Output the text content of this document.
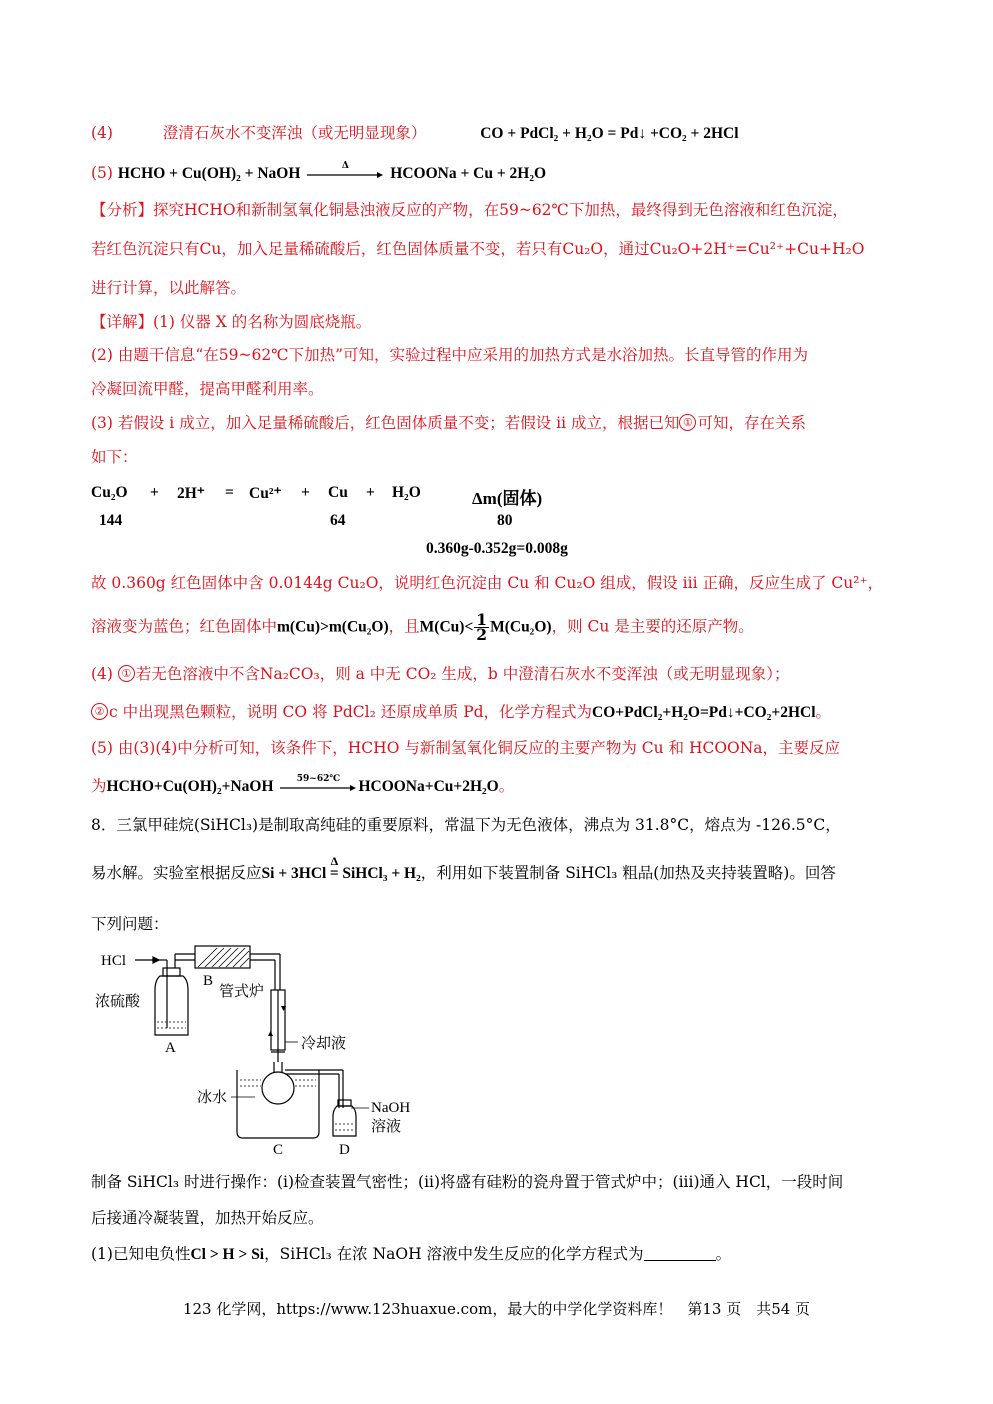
(4)	澄清石灰水不变浑浊（或无明显现象）	CO + PdCl₂ + H₂O = Pd↓ +CO₂ + 2HCl
(5) HCHO + Cu(OH)₂ + NaOH	Δ	HCOONa + Cu + 2H₂O
【分析】探究HCHO和新制氢氧化铜悬浊液反应的产物，在59~62℃下加热，最终得到无色溶液和红色沉淀，
若红色沉淀只有Cu，加入足量稀硫酸后，红色固体质量不变，若只有Cu₂O，通过Cu₂O+2H⁺=Cu²⁺+Cu+H₂O
进行计算，以此解答。
【详解】(1) 仪器 X 的名称为圆底烧瓶。
(2) 由题干信息“在59~62℃下加热”可知，实验过程中应采用的加热方式是水浴加热。长直导管的作用为
冷凝回流甲醛，提高甲醛利用率。
(3) 若假设 i 成立，加入足量稀硫酸后，红色固体质量不变；若假设 ii 成立，根据已知 ① 可知，存在关系
如下：
Cu₂O + 2H⁺ = Cu²⁺ + Cu + H₂O	Δm(固体)
144	64	80
0.360g-0.352g=0.008g
故 0.360g 红色固体中含 0.0144g Cu₂O，说明红色沉淀由 Cu 和 Cu₂O 组成，假设 iii 正确，反应生成了 Cu²⁺，
溶液变为蓝色；红色固体中m(Cu)>m(Cu₂O)，且$M(Cu)< \frac{1}{2} M(Cu_2O)$，则 Cu 是主要的还原产物。
(4) ① 若无色溶液中不含Na₂CO₃，则 a 中无 CO₂ 生成，b 中澄清石灰水不变浑浊（或无明显现象）；
② c 中出现黑色颗粒，说明 CO 将 PdCl₂ 还原成单质 Pd，化学方程式为CO+PdCl₂+H₂O=Pd↓+CO₂+2HCl。
(5) 由(3)(4)中分析可知，该条件下，HCHO 与新制氢氧化铜反应的主要产物为 Cu 和 HCOONa，主要反应
为HCHO+Cu(OH)₂+NaOH	59~62℃	HCOONa+Cu+2H₂O。
8．三氯甲硅烷(SiHCl₃)是制取高纯硅的重要原料，常温下为无色液体，沸点为 31.8°C，熔点为 -126.5°C，
易水解。实验室根据反应Si + 3HCl
Δ
= SiHCl₃ + H₂，利用如下装置制备 SiHCl₃ 粗品(加热及夹持装置略)。回答
下列问题：
HCl
B
管式炉
浓硫酸
A	冷却液
冰水
NaOH
溶液
C	D
制备 SiHCl₃ 时进行操作：(i)检查装置气密性；(ii)将盛有硅粉的瓷舟置于管式炉中；(iii)通入 HCl，一段时间
后接通冷凝装置，加热开始反应。
(1)已知电负性Cl > H > Si，SiHCl₃ 在浓 NaOH 溶液中发生反应的化学方程式为	。
123 化学网，https://www.123huaxue.com，最大的中学化学资料库！　第13 页　共54 页
